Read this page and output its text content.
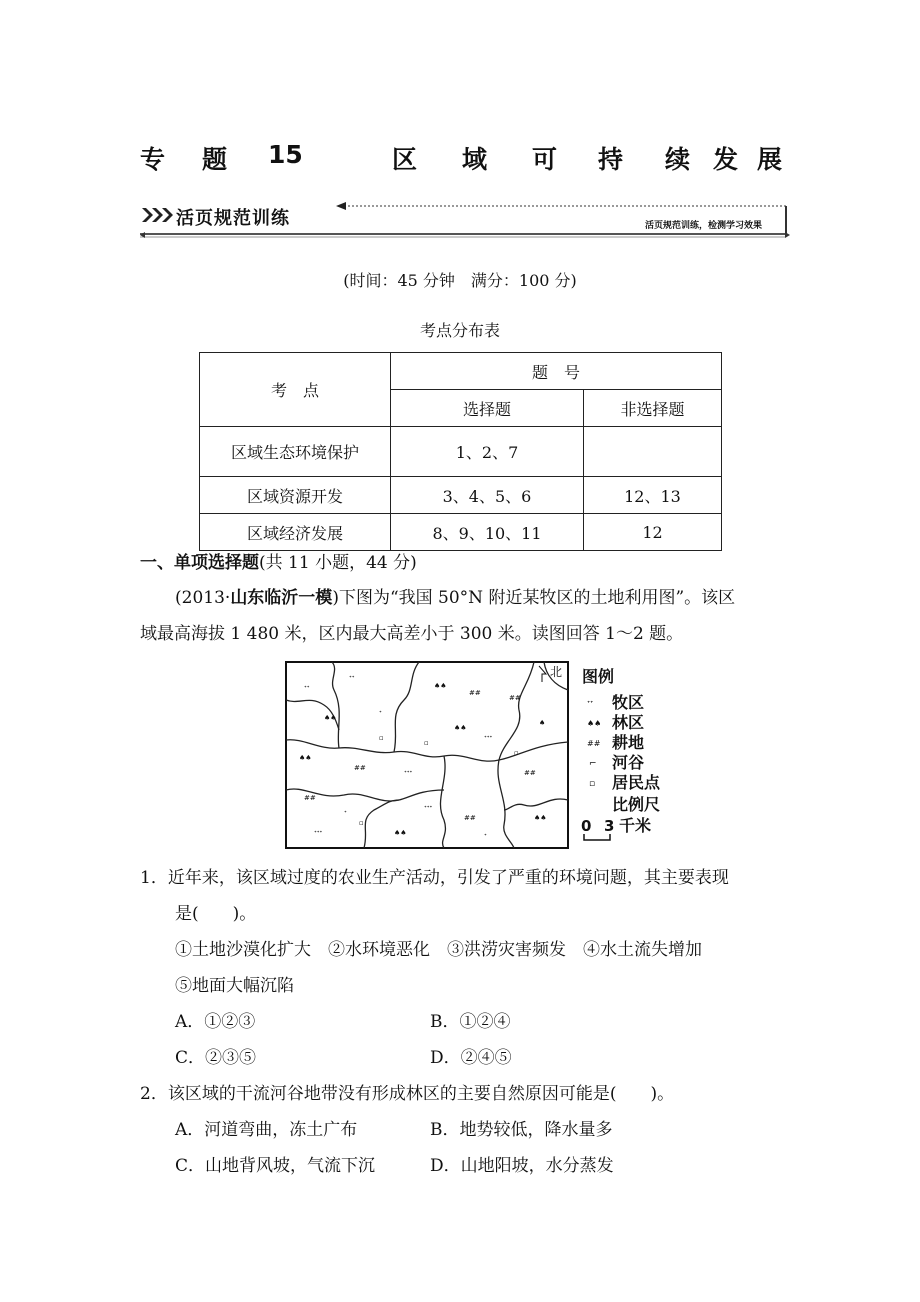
专 题 15	区 域 可 持 续 发 展
活页规范训练	活页规范训练，检测学习效果
(时间：45 分钟　满分：100 分)
考点分布表
考　点	题　号	
	选择题	非选择题
区域生态环境保护	1、2、7	
区域资源开发	3、4、5、6	12、13
区域经济发展	8、9、10、11	12
一、单项选择题(共 11 小题，44 分)
(2013·山东临沂一模)下图为“我国 50°N 附近某牧区的土地利用图”。该区
域最高海拔 1 480 米，区内最大高差小于 300 米。读图回答 1～2 题。
ᐩᐩ
ᐩᐩ
♠♠
##
##
♠♠
ᐩ
♠♠
ᐩᐩᐩ
♠
♠♠
##
ᐩᐩᐩ	##
##
ᐩ
ᐩᐩᐩ
##	♠♠
ᐩᐩᐩ	♠♠	ᐩ
▫
▫
▫
▫
北 图例
ᐩᐩ 牧区
♠♠ 林区
## 耕地
⌐ 河谷
▫ 居民点
比例尺
0 3 千米
1．近年来，该区域过度的农业生产活动，引发了严重的环境问题，其主要表现
是(　　)。
①土地沙漠化扩大　②水环境恶化　③洪涝灾害频发　④水土流失增加
⑤地面大幅沉陷
A．①②③	B．①②④
C．②③⑤	D．②④⑤
2．该区域的干流河谷地带没有形成林区的主要自然原因可能是(　　)。
A．河道弯曲，冻土广布	B．地势较低，降水量多
C．山地背风坡，气流下沉	D．山地阳坡，水分蒸发
